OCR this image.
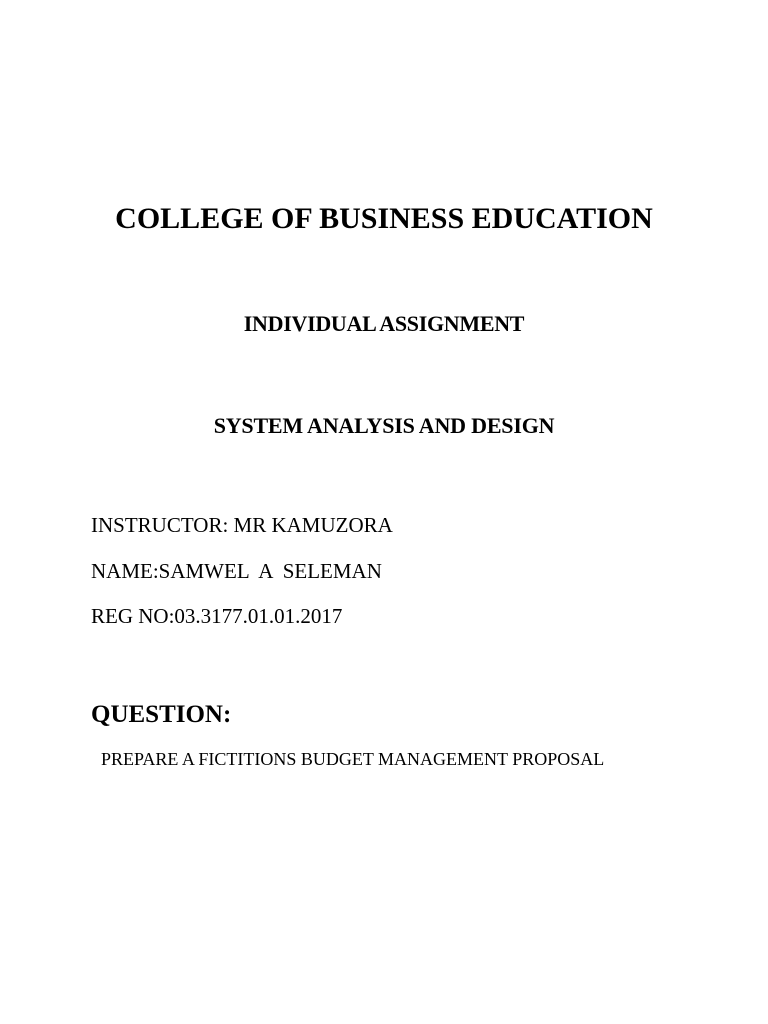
COLLEGE OF BUSINESS EDUCATION
INDIVIDUAL ASSIGNMENT
SYSTEM ANALYSIS AND DESIGN
INSTRUCTOR: MR KAMUZORA
NAME:SAMWEL  A  SELEMAN
REG NO:03.3177.01.01.2017
QUESTION:
PREPARE A FICTITIONS BUDGET MANAGEMENT PROPOSAL
